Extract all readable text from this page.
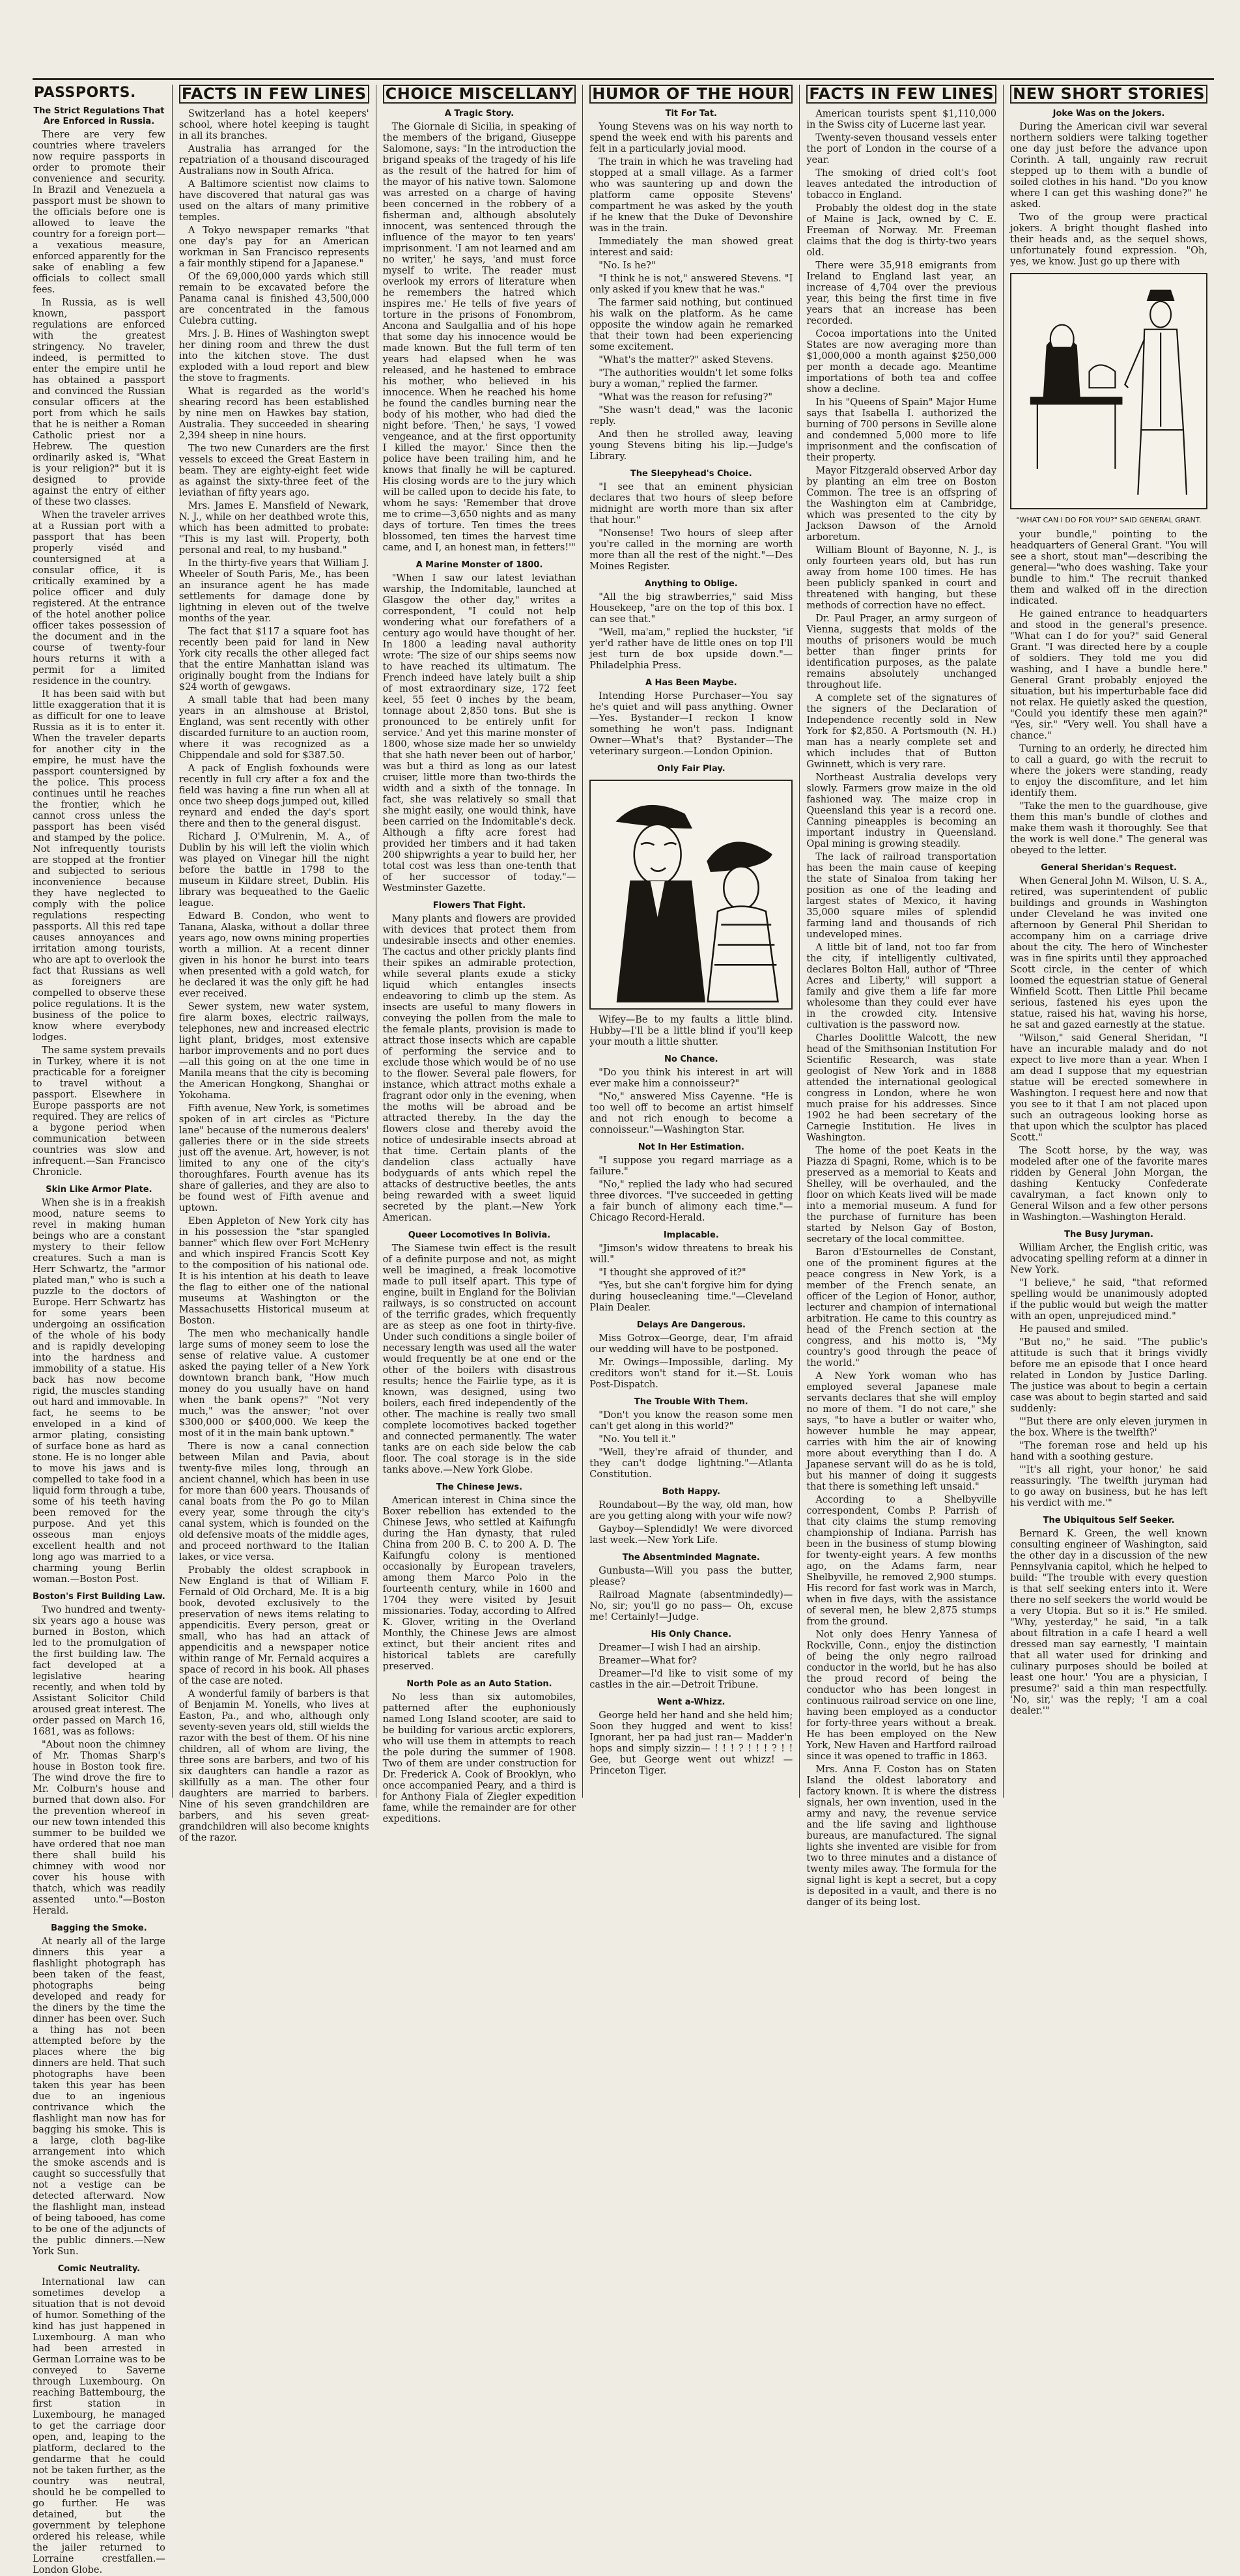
PASSPORTS.
The Strict Regulations That Are Enforced in Russia.

There are very few countries where travelers now require passports in order to promote their convenience and security. In Brazil and Venezuela a passport must be shown to the officials before one is allowed to leave the country for a foreign port—a vexatious measure, enforced apparently for the sake of enabling a few officials to collect small fees.

In Russia, as is well known, passport regulations are enforced with the greatest stringency. No traveler, indeed, is permitted to enter the empire until he has obtained a passport and convinced the Russian consular officers at the port from which he sails that he is neither a Roman Catholic priest nor a Hebrew. The question ordinarily asked is, "What is your religion?" but it is designed to provide against the entry of either of these two classes.

When the traveler arrives at a Russian port with a passport that has been properly viséd and countersigned at a consular office, it is critically examined by a police officer and duly registered. At the entrance of the hotel another police officer takes possession of the document and in the course of twenty-four hours returns it with a permit for a limited residence in the country.

It has been said with but little exaggeration that it is as difficult for one to leave Russia as it is to enter it. When the traveler departs for another city in the empire, he must have the passport countersigned by the police. This process continues until he reaches the frontier, which he cannot cross unless the passport has been viséd and stamped by the police. Not infrequently tourists are stopped at the frontier and subjected to serious inconvenience because they have neglected to comply with the police regulations respecting passports. All this red tape causes annoyances and irritation among tourists, who are apt to overlook the fact that Russians as well as foreigners are compelled to observe these police regulations. It is the business of the police to know where everybody lodges.

The same system prevails in Turkey, where it is not practicable for a foreigner to travel without a passport. Elsewhere in Europe passports are not required. They are relics of a bygone period when communication between countries was slow and infrequent.—San Francisco Chronicle.

Skin Like Armor Plate.

When she is in a freakish mood, nature seems to revel in making human beings who are a constant mystery to their fellow creatures. Such a man is Herr Schwartz, the "armor plated man," who is such a puzzle to the doctors of Europe. Herr Schwartz has for some years been undergoing an ossification of the whole of his body and is rapidly developing into the hardness and immobility of a statue. His back has now become rigid, the muscles standing out hard and immovable. In fact, he seems to be enveloped in a kind of armor plating, consisting of surface bone as hard as stone. He is no longer able to move his jaws and is compelled to take food in a liquid form through a tube, some of his teeth having been removed for the purpose. And yet this osseous man enjoys excellent health and not long ago was married to a charming young Berlin woman.—Boston Post.

Boston's First Building Law.

Two hundred and twenty-six years ago a house was burned in Boston, which led to the promulgation of the first building law. The fact developed at a legislative hearing recently, and when told by Assistant Solicitor Child aroused great interest. The order passed on March 16, 1681, was as follows:

"About noon the chimney of Mr. Thomas Sharp's house in Boston took fire. The wind drove the fire to Mr. Colburn's house and burned that down also. For the prevention whereof in our new town intended this summer to be builded we have ordered that noe man there shall build his chimney with wood nor cover his house with thatch, which was readily assented unto."—Boston Herald.

Bagging the Smoke.

At nearly all of the large dinners this year a flashlight photograph has been taken of the feast, photographs being developed and ready for the diners by the time the dinner has been over. Such a thing has not been attempted before by the places where the big dinners are held. That such photographs have been taken this year has been due to an ingenious contrivance which the flashlight man now has for bagging his smoke. This is a large, cloth bag-like arrangement into which the smoke ascends and is caught so successfully that not a vestige can be detected afterward. Now the flashlight man, instead of being tabooed, has come to be one of the adjuncts of the public dinners.—New York Sun.

Comic Neutrality.

International law can sometimes develop a situation that is not devoid of humor. Something of the kind has just happened in Luxembourg. A man who had been arrested in German Lorraine was to be conveyed to Saverne through Luxembourg. On reaching Battembourg, the first station in Luxembourg, he managed to get the carriage door open, and, leaping to the platform, declared to the gendarme that he could not be taken further, as the country was neutral, should he be compelled to go further. He was detained, but the government by telephone ordered his release, while the jailer returned to Lorraine crestfallen.—London Globe.

FACTS IN FEW LINES

Switzerland has a hotel keepers' school, where hotel keeping is taught in all its branches.

Australia has arranged for the repatriation of a thousand discouraged Australians now in South Africa.

A Baltimore scientist now claims to have discovered that natural gas was used on the altars of many primitive temples.

A Tokyo newspaper remarks "that one day's pay for an American workman in San Francisco represents a fair monthly stipend for a Japanese."

Of the 69,000,000 yards which still remain to be excavated before the Panama canal is finished 43,500,000 are concentrated in the famous Culebra cutting.

Mrs. J. B. Hines of Washington swept her dining room and threw the dust into the kitchen stove. The dust exploded with a loud report and blew the stove to fragments.

What is regarded as the world's shearing record has been established by nine men on Hawkes bay station, Australia. They succeeded in shearing 2,394 sheep in nine hours.

The two new Cunarders are the first vessels to exceed the Great Eastern in beam. They are eighty-eight feet wide as against the sixty-three feet of the leviathan of fifty years ago.

Mrs. James E. Mansfield of Newark, N. J., while on her deathbed wrote this, which has been admitted to probate: "This is my last will. Property, both personal and real, to my husband."

In the thirty-five years that William J. Wheeler of South Paris, Me., has been an insurance agent he has made settlements for damage done by lightning in eleven out of the twelve months of the year.

The fact that $117 a square foot has recently been paid for land in New York city recalls the other alleged fact that the entire Manhattan island was originally bought from the Indians for $24 worth of gewgaws.

A small table that had been many years in an almshouse at Bristol, England, was sent recently with other discarded furniture to an auction room, where it was recognized as a Chippendale and sold for $387.50.

A pack of English foxhounds were recently in full cry after a fox and the field was having a fine run when all at once two sheep dogs jumped out, killed reynard and ended the day's sport there and then to the general disgust.

Richard J. O'Mulrenin, M. A., of Dublin by his will left the violin which was played on Vinegar hill the night before the battle in 1798 to the museum in Kildare street, Dublin. His library was bequeathed to the Gaelic league.

Edward B. Condon, who went to Tanana, Alaska, without a dollar three years ago, now owns mining properties worth a million. At a recent dinner given in his honor he burst into tears when presented with a gold watch, for he declared it was the only gift he had ever received.

Sewer system, new water system, fire alarm boxes, electric railways, telephones, new and increased electric light plant, bridges, most extensive harbor improvements and no port dues—all this going on at the one time in Manila means that the city is becoming the American Hongkong, Shanghai or Yokohama.

Fifth avenue, New York, is sometimes spoken of in art circles as "Picture lane" because of the numerous dealers' galleries there or in the side streets just off the avenue. Art, however, is not limited to any one of the city's thoroughfares. Fourth avenue has its share of galleries, and they are also to be found west of Fifth avenue and uptown.

Eben Appleton of New York city has in his possession the "star spangled banner" which flew over Fort McHenry and which inspired Francis Scott Key to the composition of his national ode. It is his intention at his death to leave the flag to either one of the national museums at Washington or the Massachusetts Historical museum at Boston.

The men who mechanically handle large sums of money seem to lose the sense of relative value. A customer asked the paying teller of a New York downtown branch bank, "How much money do you usually have on hand when the bank opens?" "Not very much," was the answer; "not over $300,000 or $400,000. We keep the most of it in the main bank uptown."

There is now a canal connection between Milan and Pavia, about twenty-five miles long, through an ancient channel, which has been in use for more than 600 years. Thousands of canal boats from the Po go to Milan every year, some through the city's canal system, which is founded on the old defensive moats of the middle ages, and proceed northward to the Italian lakes, or vice versa.

Probably the oldest scrapbook in New England is that of William F. Fernald of Old Orchard, Me. It is a big book, devoted exclusively to the preservation of news items relating to appendicitis. Every person, great or small, who has had an attack of appendicitis and a newspaper notice within range of Mr. Fernald acquires a space of record in his book. All phases of the case are noted.

A wonderful family of barbers is that of Benjamin M. Yonells, who lives at Easton, Pa., and who, although only seventy-seven years old, still wields the razor with the best of them. Of his nine children, all of whom are living, the three sons are barbers, and two of his six daughters can handle a razor as skillfully as a man. The other four daughters are married to barbers. Nine of his seven grandchildren are barbers, and his seven great-grandchildren will also become knights of the razor.

CHOICE MISCELLANY
A Tragic Story.

The Giornale di Sicilia, in speaking of the members of the brigand, Giuseppe Salomone, says: "In the introduction the brigand speaks of the tragedy of his life as the result of the hatred for him of the mayor of his native town. Salomone was arrested on a charge of having been concerned in the robbery of a fisherman and, although absolutely innocent, was sentenced through the influence of the mayor to ten years' imprisonment. 'I am not learned and am no writer,' he says, 'and must force myself to write. The reader must overlook my errors of literature when he remembers the hatred which inspires me.' He tells of five years of torture in the prisons of Fonombrom, Ancona and Saulgallia and of his hope that some day his innocence would be made known. But the full term of ten years had elapsed when he was released, and he hastened to embrace his mother, who believed in his innocence. When he reached his home he found the candles burning near the body of his mother, who had died the night before. 'Then,' he says, 'I vowed vengeance, and at the first opportunity I killed the mayor.' Since then the police have been trailing him, and he knows that finally he will be captured. His closing words are to the jury which will be called upon to decide his fate, to whom he says: 'Remember that drove me to crime—3,650 nights and as many days of torture. Ten times the trees blossomed, ten times the harvest time came, and I, an honest man, in fetters!'"

A Marine Monster of 1800.

"When I saw our latest leviathan warship, the Indomitable, launched at Glasgow the other day," writes a correspondent, "I could not help wondering what our forefathers of a century ago would have thought of her. In 1800 a leading naval authority wrote: 'The size of our ships seems now to have reached its ultimatum. The French indeed have lately built a ship of most extraordinary size, 172 feet keel, 55 feet 0 inches by the beam, tonnage about 2,850 tons. But she is pronounced to be entirely unfit for service.' And yet this marine monster of 1800, whose size made her so unwieldy that she hath never been out of harbor,' was but a third as long as our latest cruiser, little more than two-thirds the width and a sixth of the tonnage. In fact, she was relatively so small that she might easily, one would think, have been carried on the Indomitable's deck. Although a fifty acre forest had provided her timbers and it had taken 200 shipwrights a year to build her, her total cost was less than one-tenth that of her successor of today."—Westminster Gazette.

Flowers That Fight.

Many plants and flowers are provided with devices that protect them from undesirable insects and other enemies. The cactus and other prickly plants find their spikes an admirable protection, while several plants exude a sticky liquid which entangles insects endeavoring to climb up the stem. As insects are useful to many flowers in conveying the pollen from the male to the female plants, provision is made to attract those insects which are capable of performing the service and to exclude those which would be of no use to the flower. Several pale flowers, for instance, which attract moths exhale a fragrant odor only in the evening, when the moths will be abroad and be attracted thereby. In the day the flowers close and thereby avoid the notice of undesirable insects abroad at that time. Certain plants of the dandelion class actually have bodyguards of ants which repel the attacks of destructive beetles, the ants being rewarded with a sweet liquid secreted by the plant.—New York American.

Queer Locomotives In Bolivia.

The Siamese twin effect is the result of a definite purpose and not, as might well be imagined, a freak locomotive made to pull itself apart. This type of engine, built in England for the Bolivian railways, is so constructed on account of the terrific grades, which frequently are as steep as one foot in thirty-five. Under such conditions a single boiler of necessary length was used all the water would frequently be at one end or the other of the boilers with disastrous results; hence the Fairlie type, as it is known, was designed, using two boilers, each fired independently of the other. The machine is really two small complete locomotives backed together and connected permanently. The water tanks are on each side below the cab floor. The coal storage is in the side tanks above.—New York Globe.

The Chinese Jews.

American interest in China since the Boxer rebellion has extended to the Chinese Jews, who settled at Kaifungfu during the Han dynasty, that ruled China from 200 B. C. to 200 A. D. The Kaifungfu colony is mentioned occasionally by European travelers, among them Marco Polo in the fourteenth century, while in 1600 and 1704 they were visited by Jesuit missionaries. Today, according to Alfred K. Glover, writing in the Overland Monthly, the Chinese Jews are almost extinct, but their ancient rites and historical tablets are carefully preserved.

North Pole as an Auto Station.

No less than six automobiles, patterned after the euphoniously named Long Island scooter, are said to be building for various arctic explorers, who will use them in attempts to reach the pole during the summer of 1908. Two of them are under construction for Dr. Frederick A. Cook of Brooklyn, who once accompanied Peary, and a third is for Anthony Fiala of Ziegler expedition fame, while the remainder are for other expeditions.

HUMOR OF THE HOUR
Tit For Tat.

Young Stevens was on his way north to spend the week end with his parents and felt in a particularly jovial mood.

The train in which he was traveling had stopped at a small village. As a farmer who was sauntering up and down the platform came opposite Stevens' compartment he was asked by the youth if he knew that the Duke of Devonshire was in the train.

Immediately the man showed great interest and said:

"No. Is he?"

"I think he is not," answered Stevens. "I only asked if you knew that he was."

The farmer said nothing, but continued his walk on the platform. As he came opposite the window again he remarked that their town had been experiencing some excitement.

"What's the matter?" asked Stevens.

"The authorities wouldn't let some folks bury a woman," replied the farmer.

"What was the reason for refusing?"

"She wasn't dead," was the laconic reply.

And then he strolled away, leaving young Stevens biting his lip.—Judge's Library.

The Sleepyhead's Choice.

"I see that an eminent physician declares that two hours of sleep before midnight are worth more than six after that hour."

"Nonsense! Two hours of sleep after you're called in the morning are worth more than all the rest of the night."—Des Moines Register.

Anything to Oblige.

"All the big strawberries," said Miss Housekeep, "are on the top of this box. I can see that."

"Well, ma'am," replied the huckster, "if yer'd rather have de little ones on top I'll jest turn de box upside down."—Philadelphia Press.

A Has Been Maybe.

Intending Horse Purchaser—You say he's quiet and will pass anything. Owner—Yes. Bystander—I reckon I know something he won't pass. Indignant Owner—What's that? Bystander—The veterinary surgeon.—London Opinion.

Only Fair Play.

Wifey—Be to my faults a little blind. Hubby—I'll be a little blind if you'll keep your mouth a little shutter.

No Chance.

"Do you think his interest in art will ever make him a connoisseur?"

"No," answered Miss Cayenne. "He is too well off to become an artist himself and not rich enough to become a connoisseur."—Washington Star.

Not In Her Estimation.

"I suppose you regard marriage as a failure."

"No," replied the lady who had secured three divorces. "I've succeeded in getting a fair bunch of alimony each time."—Chicago Record-Herald.

Implacable.

"Jimson's widow threatens to break his will."

"I thought she approved of it?"

"Yes, but she can't forgive him for dying during housecleaning time."—Cleveland Plain Dealer.

Delays Are Dangerous.

Miss Gotrox—George, dear, I'm afraid our wedding will have to be postponed.

Mr. Owings—Impossible, darling. My creditors won't stand for it.—St. Louis Post-Dispatch.

The Trouble With Them.

"Don't you know the reason some men can't get along in this world?"

"No. You tell it."

"Well, they're afraid of thunder, and they can't dodge lightning."—Atlanta Constitution.

Both Happy.

Roundabout—By the way, old man, how are you getting along with your wife now?

Gayboy—Splendidly! We were divorced last week.—New York Life.

The Absentminded Magnate.

Gunbusta—Will you pass the butter, please?

Railroad Magnate (absentmindedly)—No, sir; you'll go no pass— Oh, excuse me! Certainly!—Judge.

His Only Chance.

Dreamer—I wish I had an airship.

Breamer—What for?

Dreamer—I'd like to visit some of my castles in the air.—Detroit Tribune.

Went a-Whizz.

George held her hand and she held him; Soon they hugged and went to kiss! Ignorant, her pa had just ran— Madder'n hops and simply sizzin— ! ! ! ? ! ! ! ? ! ! Gee, but George went out whizz! —Princeton Tiger.

FACTS IN FEW LINES

American tourists spent $1,110,000 in the Swiss city of Lucerne last year.

Twenty-seven thousand vessels enter the port of London in the course of a year.

The smoking of dried colt's foot leaves antedated the introduction of tobacco in England.

Probably the oldest dog in the state of Maine is Jack, owned by C. E. Freeman of Norway. Mr. Freeman claims that the dog is thirty-two years old.

There were 35,918 emigrants from Ireland to England last year, an increase of 4,704 over the previous year, this being the first time in five years that an increase has been recorded.

Cocoa importations into the United States are now averaging more than $1,000,000 a month against $250,000 per month a decade ago. Meantime importations of both tea and coffee show a decline.

In his "Queens of Spain" Major Hume says that Isabella I. authorized the burning of 700 persons in Seville alone and condemned 5,000 more to life imprisonment and the confiscation of their property.

Mayor Fitzgerald observed Arbor day by planting an elm tree on Boston Common. The tree is an offspring of the Washington elm at Cambridge, which was presented to the city by Jackson Dawson of the Arnold arboretum.

William Blount of Bayonne, N. J., is only fourteen years old, but has run away from home 100 times. He has been publicly spanked in court and threatened with hanging, but these methods of correction have no effect.

Dr. Paul Prager, an army surgeon of Vienna, suggests that molds of the mouths of prisoners would be much better than finger prints for identification purposes, as the palate remains absolutely unchanged throughout life.

A complete set of the signatures of the signers of the Declaration of Independence recently sold in New York for $2,850. A Portsmouth (N. H.) man has a nearly complete set and which includes that of Button Gwinnett, which is very rare.

Northeast Australia develops very slowly. Farmers grow maize in the old fashioned way. The maize crop in Queensland this year is a record one. Canning pineapples is becoming an important industry in Queensland. Opal mining is growing steadily.

The lack of railroad transportation has been the main cause of keeping the state of Sinaloa from taking her position as one of the leading and largest states of Mexico, it having 35,000 square miles of splendid farming land and thousands of rich undeveloped mines.

A little bit of land, not too far from the city, if intelligently cultivated, declares Bolton Hall, author of "Three Acres and Liberty," will support a family and give them a life far more wholesome than they could ever have in the crowded city. Intensive cultivation is the password now.

Charles Doolittle Walcott, the new head of the Smithsonian Institution For Scientific Research, was state geologist of New York and in 1888 attended the international geological congress in London, where he won much praise for his addresses. Since 1902 he had been secretary of the Carnegie Institution. He lives in Washington.

The home of the poet Keats in the Piazza di Spagni, Rome, which is to be preserved as a memorial to Keats and Shelley, will be overhauled, and the floor on which Keats lived will be made into a memorial museum. A fund for the purchase of furniture has been started by Nelson Gay of Boston, secretary of the local committee.

Baron d'Estournelles de Constant, one of the prominent figures at the peace congress in New York, is a member of the French senate, an officer of the Legion of Honor, author, lecturer and champion of international arbitration. He came to this country as head of the French section at the congress, and his motto is, "My country's good through the peace of the world."

A New York woman who has employed several Japanese male servants declares that she will employ no more of them. "I do not care," she says, "to have a butler or waiter who, however humble he may appear, carries with him the air of knowing more about everything than I do. A Japanese servant will do as he is told, but his manner of doing it suggests that there is something left unsaid."

According to a Shelbyville correspondent, Combs P. Parrish of that city claims the stump removing championship of Indiana. Parrish has been in the business of stump blowing for twenty-eight years. A few months ago, on the Adams farm, near Shelbyville, he removed 2,900 stumps. His record for fast work was in March, when in five days, with the assistance of several men, he blew 2,875 stumps from the ground.

Not only does Henry Yannesa of Rockville, Conn., enjoy the distinction of being the only negro railroad conductor in the world, but he has also the proud record of being the conductor who has been longest in continuous railroad service on one line, having been employed as a conductor for forty-three years without a break. He has been employed on the New York, New Haven and Hartford railroad since it was opened to traffic in 1863.

Mrs. Anna F. Coston has on Staten Island the oldest laboratory and factory known. It is where the distress signals, her own invention, used in the army and navy, the revenue service and the life saving and lighthouse bureaus, are manufactured. The signal lights she invented are visible for from two to three minutes and a distance of twenty miles away. The formula for the signal light is kept a secret, but a copy is deposited in a vault, and there is no danger of its being lost.

NEW SHORT STORIES
Joke Was on the Jokers.

During the American civil war several northern soldiers were talking together one day just before the advance upon Corinth. A tall, ungainly raw recruit stepped up to them with a bundle of soiled clothes in his hand. "Do you know where I can get this washing done?" he asked.

Two of the group were practical jokers. A bright thought flashed into their heads and, as the sequel shows, unfortunately found expression. "Oh, yes, we know. Just go up there with

"WHAT CAN I DO FOR YOU?" SAID GENERAL GRANT.

your bundle," pointing to the headquarters of General Grant. "You will see a short, stout man"—describing the general—"who does washing. Take your bundle to him." The recruit thanked them and walked off in the direction indicated.

He gained entrance to headquarters and stood in the general's presence. "What can I do for you?" said General Grant. "I was directed here by a couple of soldiers. They told me you did washing, and I have a bundle here." General Grant probably enjoyed the situation, but his imperturbable face did not relax. He quietly asked the question, "Could you identify these men again?" "Yes, sir." "Very well. You shall have a chance."

Turning to an orderly, he directed him to call a guard, go with the recruit to where the jokers were standing, ready to enjoy the discomfiture, and let him identify them.

"Take the men to the guardhouse, give them this man's bundle of clothes and make them wash it thoroughly. See that the work is well done." The general was obeyed to the letter.

General Sheridan's Request.

When General John M. Wilson, U. S. A., retired, was superintendent of public buildings and grounds in Washington under Cleveland he was invited one afternoon by General Phil Sheridan to accompany him on a carriage drive about the city. The hero of Winchester was in fine spirits until they approached Scott circle, in the center of which loomed the equestrian statue of General Winfield Scott. Then Little Phil became serious, fastened his eyes upon the statue, raised his hat, waving his horse, he sat and gazed earnestly at the statue.

"Wilson," said General Sheridan, "I have an incurable malady and do not expect to live more than a year. When I am dead I suppose that my equestrian statue will be erected somewhere in Washington. I request here and now that you see to it that I am not placed upon such an outrageous looking horse as that upon which the sculptor has placed Scott."

The Scott horse, by the way, was modeled after one of the favorite mares ridden by General John Morgan, the dashing Kentucky Confederate cavalryman, a fact known only to General Wilson and a few other persons in Washington.—Washington Herald.

The Busy Juryman.

William Archer, the English critic, was advocating spelling reform at a dinner in New York.

"I believe," he said, "that reformed spelling would be unanimously adopted if the public would but weigh the matter with an open, unprejudiced mind."

He paused and smiled.

"But no," he said. "The public's attitude is such that it brings vividly before me an episode that I once heard related in London by Justice Darling. The justice was about to begin a certain case was about to begin started and said suddenly:

"'But there are only eleven jurymen in the box. Where is the twelfth?'

"The foreman rose and held up his hand with a soothing gesture.

"'It's all right, your honor,' he said reassuringly. 'The twelfth juryman had to go away on business, but he has left his verdict with me.'"

The Ubiquitous Self Seeker.

Bernard K. Green, the well known consulting engineer of Washington, said the other day in a discussion of the new Pennsylvania capitol, which he helped to build: "The trouble with every question is that self seeking enters into it. Were there no self seekers the world would be a very Utopia. But so it is." He smiled. "Why, yesterday," he said, "in a talk about filtration in a cafe I heard a well dressed man say earnestly, 'I maintain that all water used for drinking and culinary purposes should be boiled at least one hour.' 'You are a physician, I presume?' said a thin man respectfully. 'No, sir,' was the reply; 'I am a coal dealer.'"
